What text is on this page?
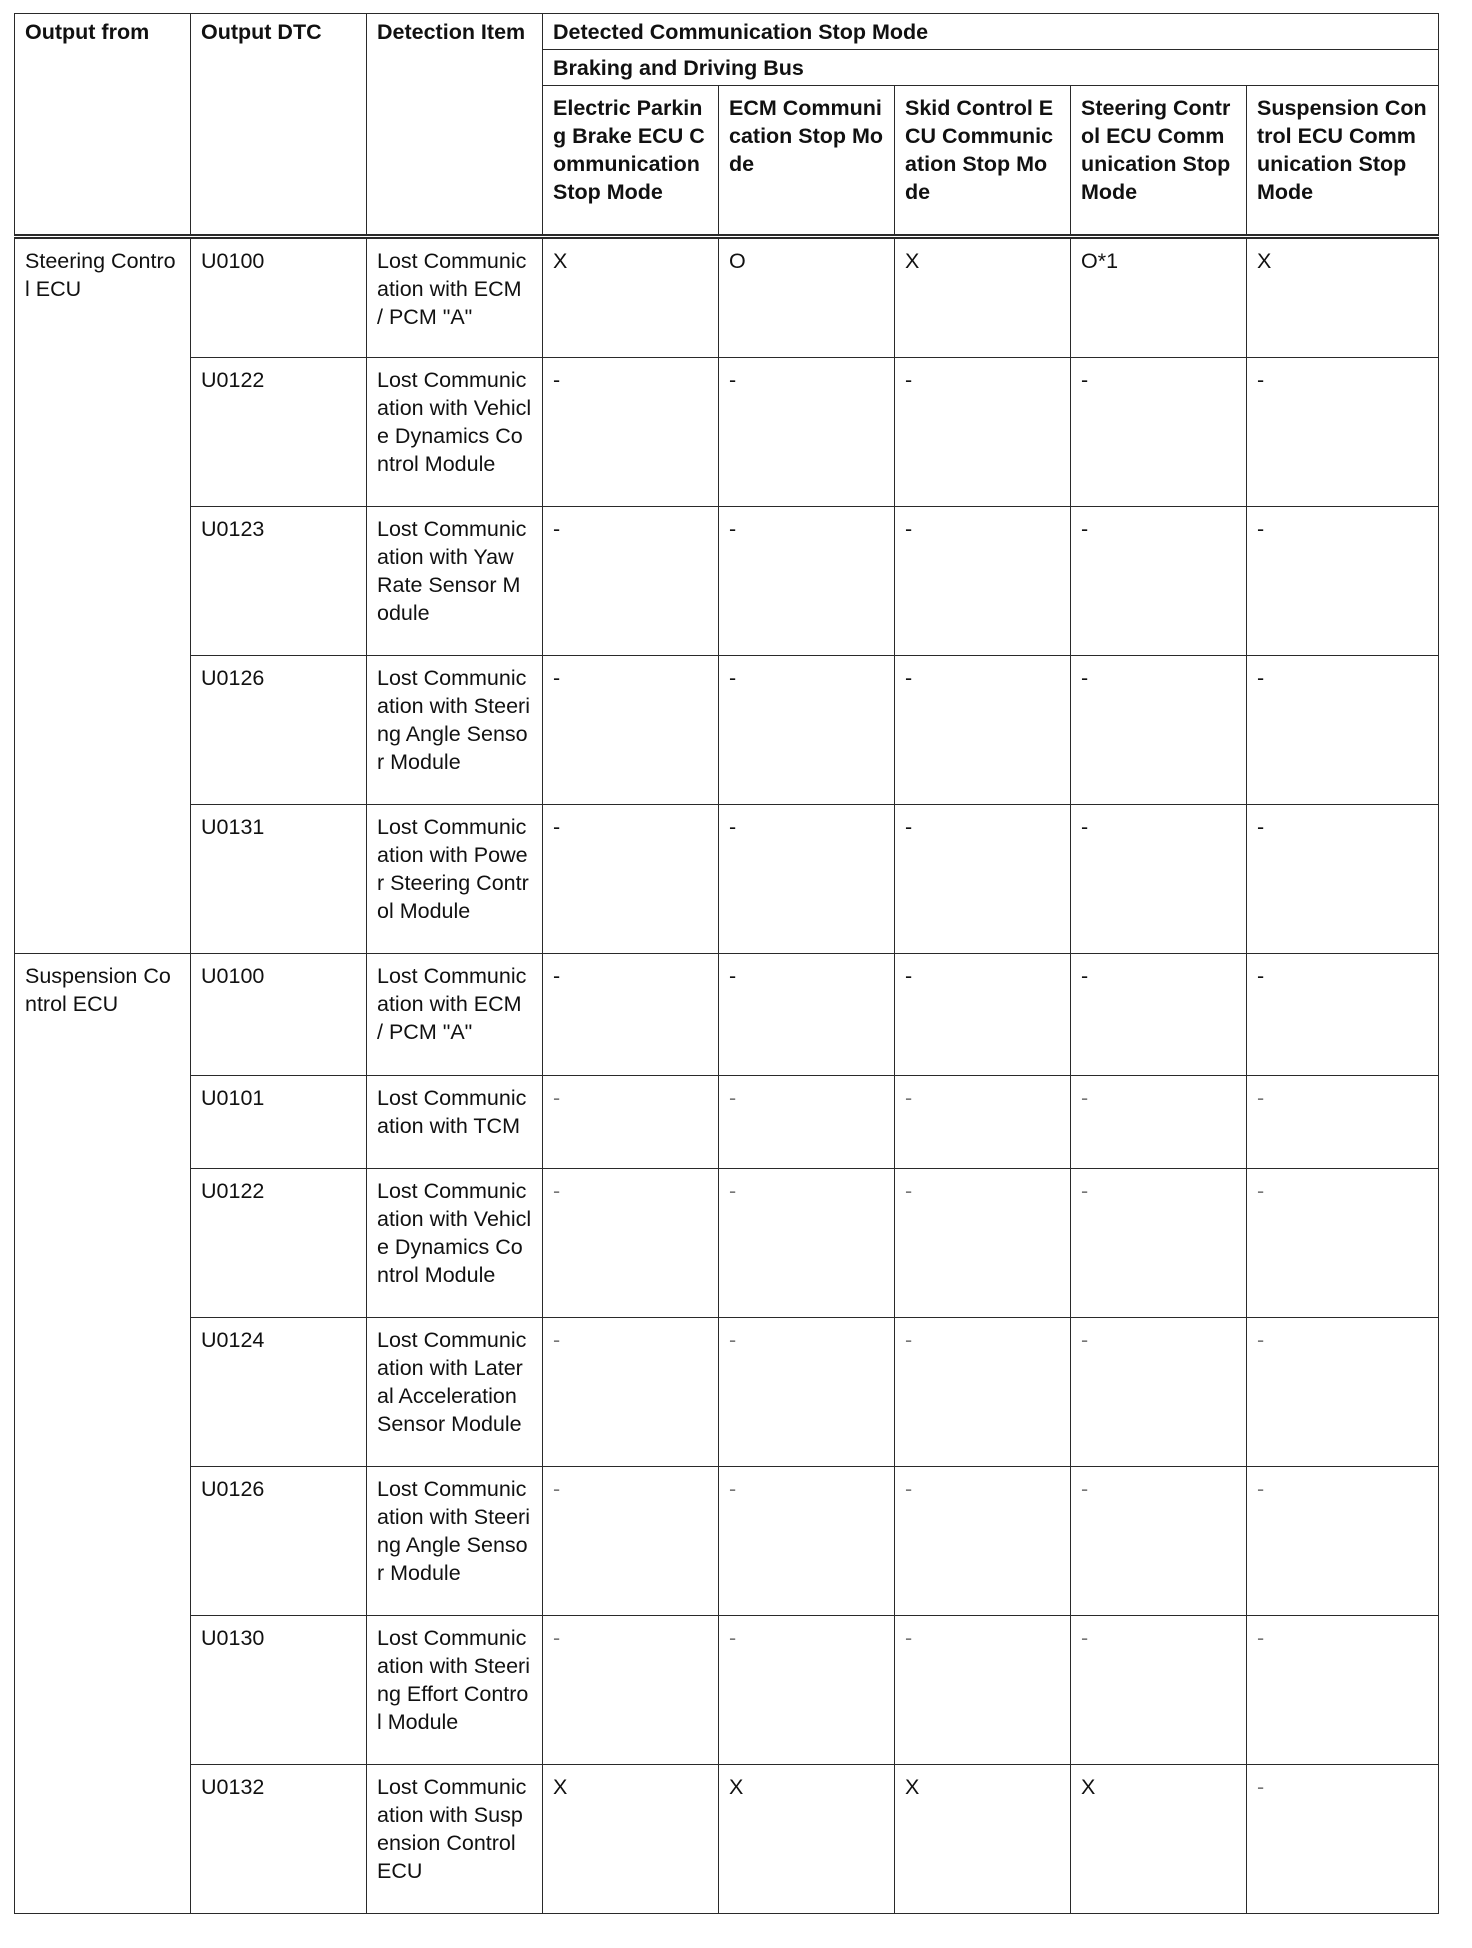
Output from	Output DTC	Detection Item	Detected Communication Stop Mode				
			Braking and Driving Bus				
			Electric Parking Brake ECU Communication Stop Mode	ECM Communication Stop Mode	Skid Control ECU Communication Stop Mode	Steering Control ECU Communication Stop Mode	Suspension Control ECU Communication Stop Mode
Steering Control ECU	U0100	Lost Communication with ECM / PCM "A"	X	O	X	O*1	X
	U0122	Lost Communication with Vehicle Dynamics Control Module	-	-	-	-	-
	U0123	Lost Communication with Yaw Rate Sensor Module	-	-	-	-	-
	U0126	Lost Communication with Steering Angle Sensor Module	-	-	-	-	-
	U0131	Lost Communication with Power Steering Control Module	-	-	-	-	-
Suspension Control ECU	U0100	Lost Communication with ECM / PCM "A"	-	-	-	-	-
	U0101	Lost Communication with TCM	-	-	-	-	-
	U0122	Lost Communication with Vehicle Dynamics Control Module	-	-	-	-	-
	U0124	Lost Communication with Lateral Acceleration Sensor Module	-	-	-	-	-
	U0126	Lost Communication with Steering Angle Sensor Module	-	-	-	-	-
	U0130	Lost Communication with Steering Effort Control Module	-	-	-	-	-
	U0132	Lost Communication with Suspension Control ECU	X	X	X	X	-
